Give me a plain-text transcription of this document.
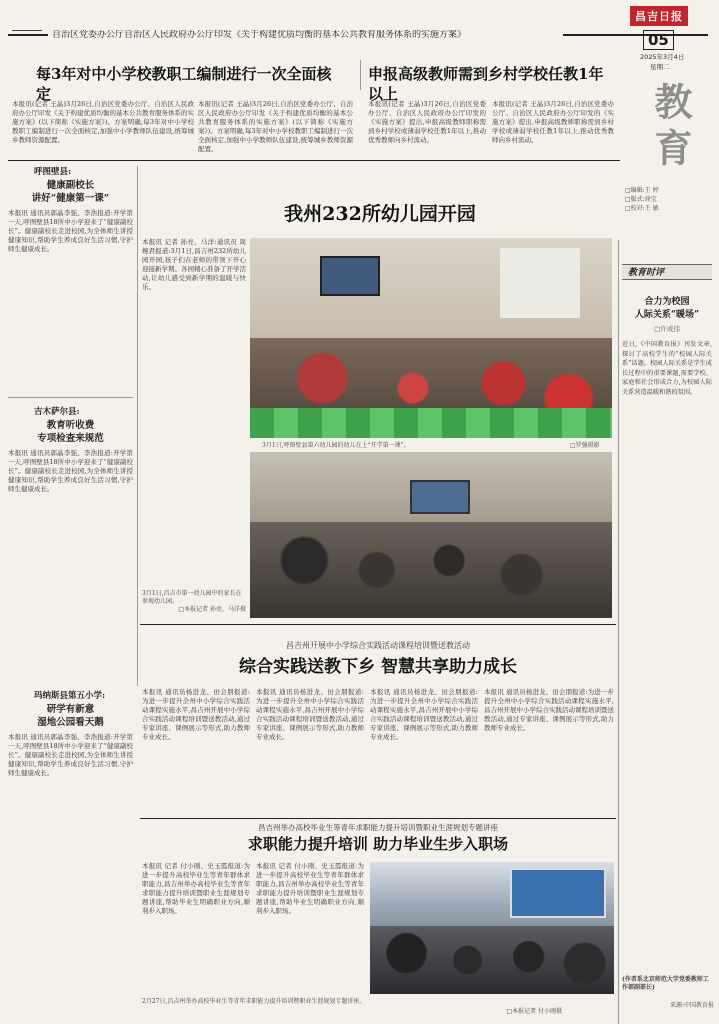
自治区党委办公厅自治区人民政府办公厅印发《关于构建优质均衡的基本公共教育服务体系的实施方案》
昌吉日报
05
2025年3月4日
星期二
教育
□编辑:王 婷
□版式:徐宝
□校对:王 敏
每3年对中小学校教职工编制进行一次全面核定
申报高级教师需到乡村学校任教1年以上
本报讯(记者 王晶)3月26日,自治区党委办公厅、自治区人民政府办公厅印发《关于构建优质均衡的基本公共教育服务体系的实施方案》(以下简称《实施方案》)。方案明确,每3年对中小学校教职工编制进行一次全面核定,加强中小学教师队伍建设,统筹城乡教师资源配置。
本报讯(记者 王晶)3月26日,自治区党委办公厅、自治区人民政府办公厅印发《关于构建优质均衡的基本公共教育服务体系的实施方案》(以下简称《实施方案》)。方案明确,每3年对中小学校教职工编制进行一次全面核定,加强中小学教师队伍建设,统筹城乡教师资源配置。
本报讯(记者 王晶)3月26日,自治区党委办公厅、自治区人民政府办公厅印发的《实施方案》提出,申报高级教师职称需到乡村学校或薄弱学校任教1年以上,推动优秀教师向乡村流动。
本报讯(记者 王晶)3月26日,自治区党委办公厅、自治区人民政府办公厅印发的《实施方案》提出,申报高级教师职称需到乡村学校或薄弱学校任教1年以上,推动优秀教师向乡村流动。
呼图壁县:
健康副校长
讲好“健康第一课”
本报讯 通讯员郭晶李强、李浩报道:开学第一天,呼图壁县18所中小学迎来了“健康副校长”。健康副校长走进校园,为全体师生讲授健康知识,帮助学生养成良好生活习惯,守护师生健康成长。
吉木萨尔县:
教育听收费
专项检查来规范
本报讯 通讯员郭晶李强、李浩报道:开学第一天,呼图壁县18所中小学迎来了“健康副校长”。健康副校长走进校园,为全体师生讲授健康知识,帮助学生养成良好生活习惯,守护师生健康成长。
玛纳斯县第五小学:
研学有新意
湿地公园看天鹅
本报讯 通讯员郭晶李强、李浩报道:开学第一天,呼图壁县18所中小学迎来了“健康副校长”。健康副校长走进校园,为全体师生讲授健康知识,帮助学生养成良好生活习惯,守护师生健康成长。
我州232所幼儿园开园
本报讯 记者 孙亮、马洋:通讯员 周婉君报道:3月1日,昌吉州232所幼儿园开园,孩子们在老师的带领下开心迎接新学期。各园精心准备了开学活动,让幼儿感受到新学期的温暖与快乐。
3月1日,呼图壁县第六幼儿园的幼儿在上“开学第一课”。	□罗强摄影
3月1日,昌吉市第一幼儿园中的家长在参观幼儿园。
□本报记者 孙亮、马洋摄
教育时评
合力为校园
人际关系“暖场”
□许成伟
近日,《中国教育报》刊发文章,探讨了高校学生的“校园人际关系”话题。校园人际关系是学生成长过程中的重要课题,需要学校、家庭和社会形成合力,为校园人际关系营造温暖和谐的氛围。
(作者系北京师范大学党委教师工作部副部长)
来源:中国教育报
昌吉州开展中小学综合实践活动课程培训暨送教活动
综合实践送教下乡 智慧共享助力成长
本报讯 通讯员杨进龙、田会朋报道:为进一步提升全州中小学综合实践活动课程实施水平,昌吉州开展中小学综合实践活动课程培训暨送教活动,通过专家讲座、课例展示等形式,助力教师专业成长。
本报讯 通讯员杨进龙、田会朋报道:为进一步提升全州中小学综合实践活动课程实施水平,昌吉州开展中小学综合实践活动课程培训暨送教活动,通过专家讲座、课例展示等形式,助力教师专业成长。
本报讯 通讯员杨进龙、田会朋报道:为进一步提升全州中小学综合实践活动课程实施水平,昌吉州开展中小学综合实践活动课程培训暨送教活动,通过专家讲座、课例展示等形式,助力教师专业成长。
本报讯 通讯员杨进龙、田会朋报道:为进一步提升全州中小学综合实践活动课程实施水平,昌吉州开展中小学综合实践活动课程培训暨送教活动,通过专家讲座、课例展示等形式,助力教师专业成长。
昌吉州举办高校毕业生等青年求职能力提升培训暨职业生涯规划专题讲座
求职能力提升培训 助力毕业生步入职场
本报讯 记者 付小刚、史玉霞报道:为进一步提升高校毕业生等青年群体求职能力,昌吉州举办高校毕业生等青年求职能力提升培训暨职业生涯规划专题讲座,帮助毕业生明确职业方向,顺利步入职场。
本报讯 记者 付小刚、史玉霞报道:为进一步提升高校毕业生等青年群体求职能力,昌吉州举办高校毕业生等青年求职能力提升培训暨职业生涯规划专题讲座,帮助毕业生明确职业方向,顺利步入职场。
2月27日,昌吉州举办高校毕业生等青年求职能力提升培训暨职业生涯规划专题讲座。
□本报记者 付小刚摄
